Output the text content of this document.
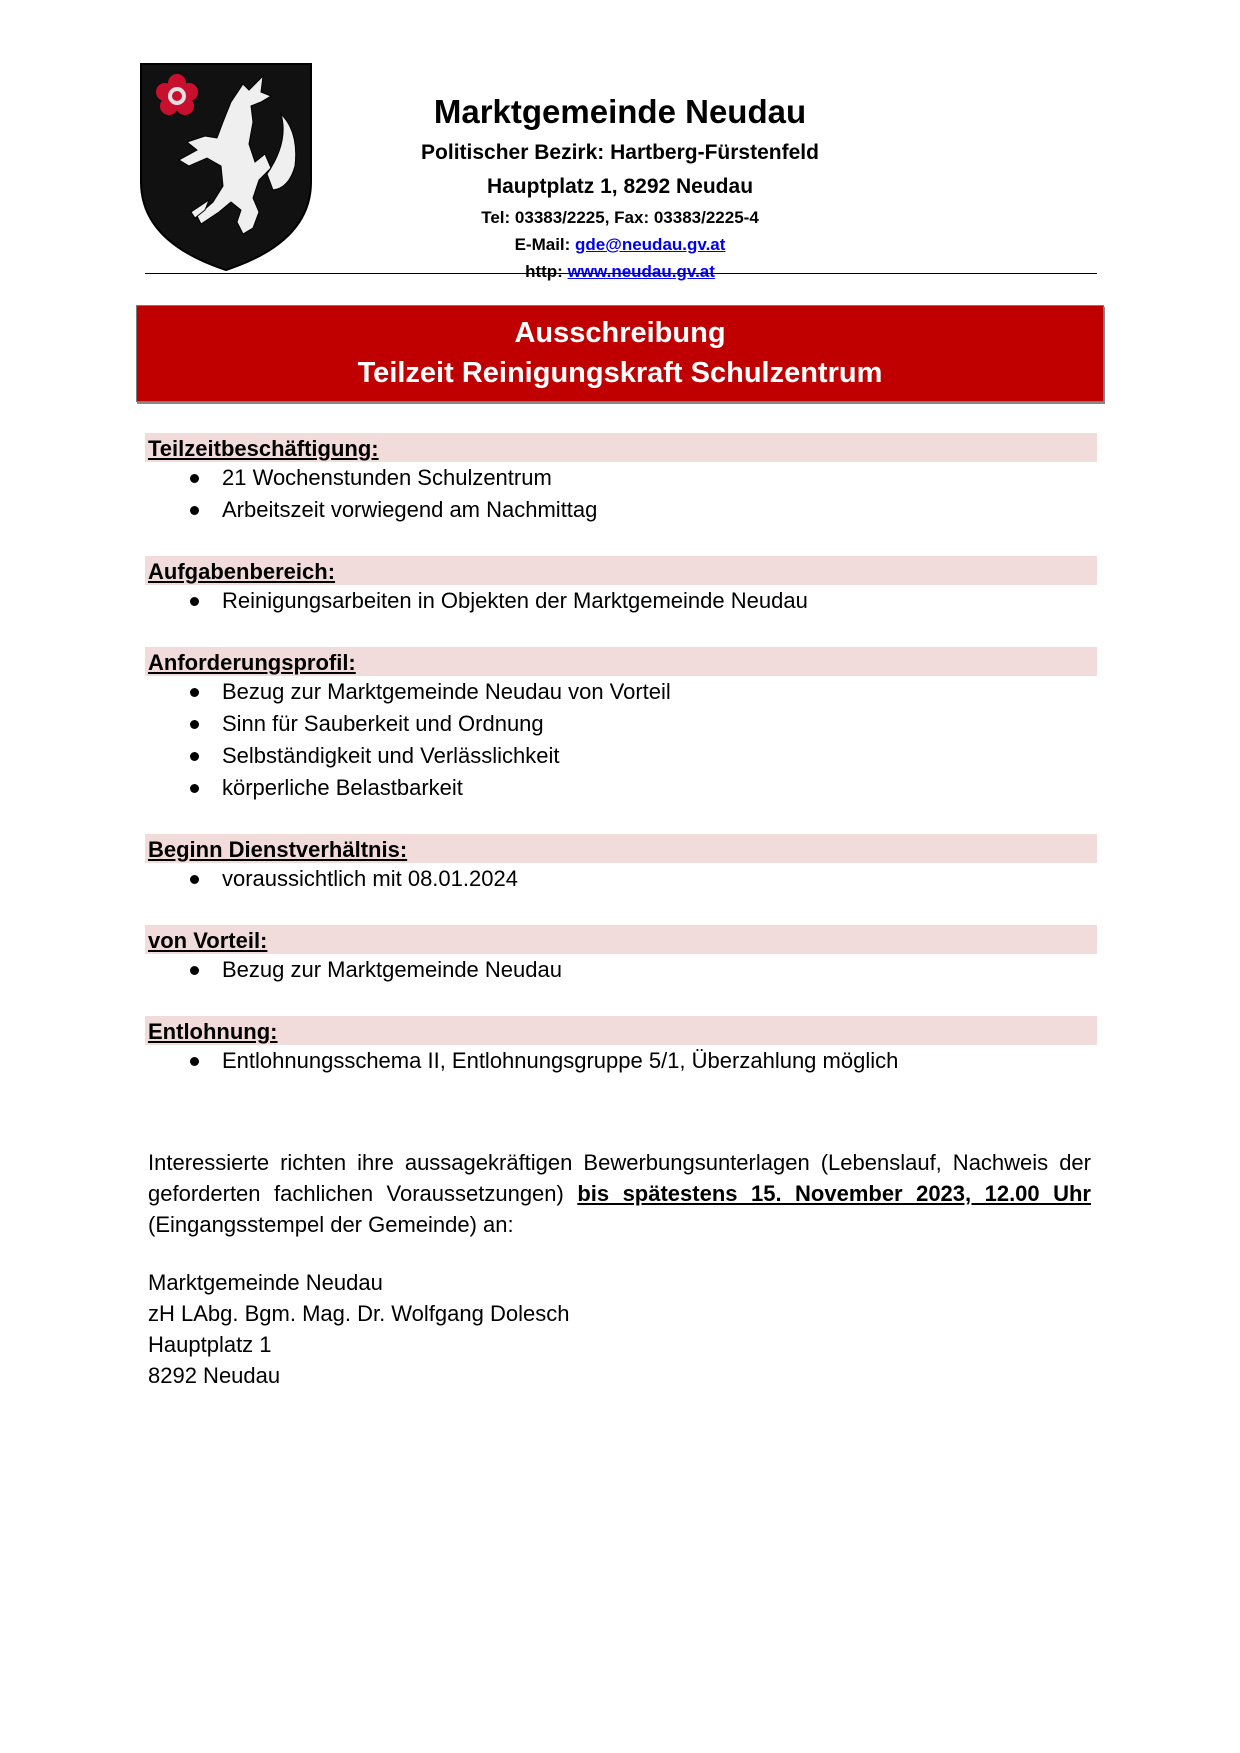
Marktgemeinde Neudau
Politischer Bezirk: Hartberg-Fürstenfeld
Hauptplatz 1, 8292 Neudau
Tel: 03383/2225, Fax: 03383/2225-4
E-Mail: gde@neudau.gv.at
http: www.neudau.gv.at
Ausschreibung
Teilzeit Reinigungskraft Schulzentrum
Teilzeitbeschäftigung:
21 Wochenstunden Schulzentrum
Arbeitszeit vorwiegend am Nachmittag
Aufgabenbereich:
Reinigungsarbeiten in Objekten der Marktgemeinde Neudau
Anforderungsprofil:
Bezug zur Marktgemeinde Neudau von Vorteil
Sinn für Sauberkeit und Ordnung
Selbständigkeit und Verlässlichkeit
körperliche Belastbarkeit
Beginn Dienstverhältnis:
voraussichtlich mit 08.01.2024
von Vorteil:
Bezug zur Marktgemeinde Neudau
Entlohnung:
Entlohnungsschema II, Entlohnungsgruppe 5/1, Überzahlung möglich
Interessierte richten ihre aussagekräftigen Bewerbungsunterlagen (Lebenslauf, Nachweis der geforderten fachlichen Voraussetzungen) bis spätestens 15. November 2023, 12.00 Uhr (Eingangsstempel der Gemeinde) an:
Marktgemeinde Neudau
zH LAbg. Bgm. Mag. Dr. Wolfgang Dolesch
Hauptplatz 1
8292 Neudau
